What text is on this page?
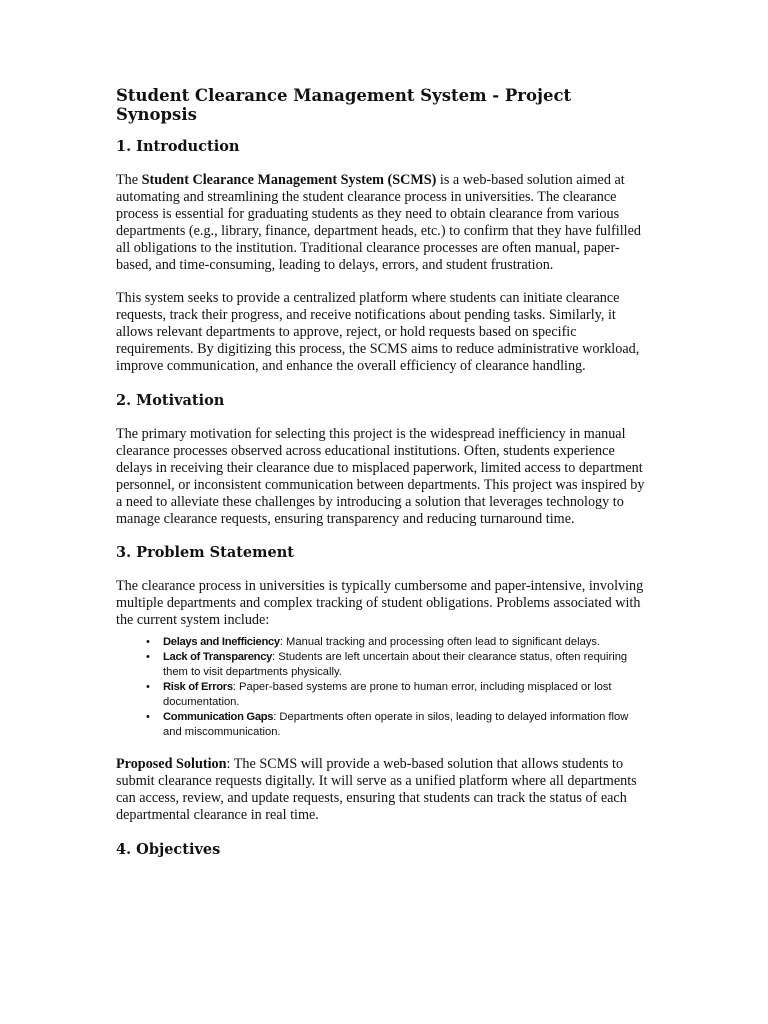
Student Clearance Management System - Project Synopsis
1. Introduction

The Student Clearance Management System (SCMS) is a web-based solution aimed at automating and streamlining the student clearance process in universities. The clearance process is essential for graduating students as they need to obtain clearance from various departments (e.g., library, finance, department heads, etc.) to confirm that they have fulfilled all obligations to the institution. Traditional clearance processes are often manual, paper-based, and time-consuming, leading to delays, errors, and student frustration.

This system seeks to provide a centralized platform where students can initiate clearance requests, track their progress, and receive notifications about pending tasks. Similarly, it allows relevant departments to approve, reject, or hold requests based on specific requirements. By digitizing this process, the SCMS aims to reduce administrative workload, improve communication, and enhance the overall efficiency of clearance handling.

2. Motivation

The primary motivation for selecting this project is the widespread inefficiency in manual clearance processes observed across educational institutions. Often, students experience delays in receiving their clearance due to misplaced paperwork, limited access to department personnel, or inconsistent communication between departments. This project was inspired by a need to alleviate these challenges by introducing a solution that leverages technology to manage clearance requests, ensuring transparency and reducing turnaround time.

3. Problem Statement

The clearance process in universities is typically cumbersome and paper-intensive, involving multiple departments and complex tracking of student obligations. Problems associated with the current system include:

• Delays and Inefficiency: Manual tracking and processing often lead to significant delays.
• Lack of Transparency: Students are left uncertain about their clearance status, often requiring them to visit departments physically.
• Risk of Errors: Paper-based systems are prone to human error, including misplaced or lost documentation.
• Communication Gaps: Departments often operate in silos, leading to delayed information flow and miscommunication.

Proposed Solution: The SCMS will provide a web-based solution that allows students to submit clearance requests digitally. It will serve as a unified platform where all departments can access, review, and update requests, ensuring that students can track the status of each departmental clearance in real time.

4. Objectives
